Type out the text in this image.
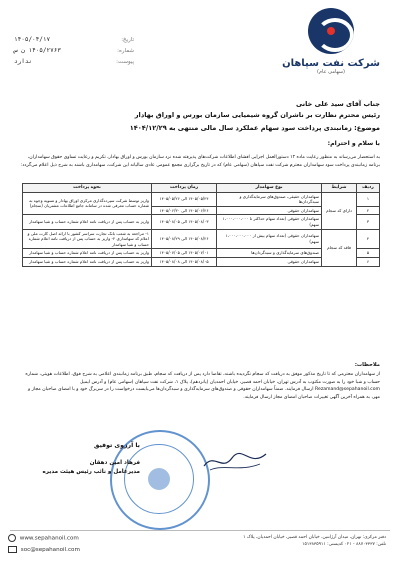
شرکت نفت سپاهان
(سهامی عام)
تاریخ:
۱۴۰۵/۰۴/۱۷
شماره:
۱۴۰۵/۲۷۶۳ ن س
پیوست:
ندارد
جناب آقای سید علی خانی
رئیس محترم نظارت بر ناشران گروه شیمیایی سازمان بورس و اوراق بهادار
موضوع: زمانبندی پرداخت سود سهام عملکرد سال مالی منتهی به ۱۴۰۴/۱۲/۲۹
با سلام و احترام:
به استحضار می‌رساند به منظور رعایت ماده ۱۲ دستورالعمل اجرایی افشای اطلاعات شرکت‌های پذیرفته شده نزد سازمان بورس و اوراق بهادار، تکریم و رعایت تساوی حقوق سهامداران، برنامه زمانبندی پرداخت سود سهامداران محترم شرکت نفت سپاهان (سهامی عام) که در تاریخ برگزاری مجمع عمومی عادی سالیانه این شرکت، سهامداری باشند به شرح ذیل اعلام می‌گردد:
ردیف	شرایط	نوع سهامدار	زمان پرداخت	نحوه پرداخت
۱	دارای کد سجام	سهامداران حقیقی، صندوق‌های سرمایه‌گذاری و سبدگردان‌ها	۱۴۰۵/۰۵/۲۴ الی ۱۴۰۵/۰۵/۲۶	واریز توسط شرکت سپرده‌گذاری مرکزی اوراق بهادار و تسویه وجوه به شماره حساب معرفی شده در سامانه جامع اطلاعات مشتریان (سجام)
۲		سهامداران حقوقی	۱۴۰۵/۰۶/۲۶ الی ۱۴۰۵/۰۶/۳۰	
۳		سهامداران حقوقی (تعداد سهام حداکثر تا ۱،۰۰۰،۰۰۰،۰۰۰ سهم)	۱۴۰۵/۰۸/۰۳ الی ۱۴۰۵/۰۸/۰۵	واریز به حساب پس از دریافت نامه اعلام شماره حساب و شبا سهامدار
۴	فاقد کد سجام	سهامداران حقوقی (تعداد سهام بیش از ۱،۰۰۰،۰۰۰،۰۰۰ سهم)	۱۴۰۵/۰۸/۲۶ الی ۱۴۰۵/۰۸/۲۹	۱- مراجعه به شعب بانک تجارت سراسر کشور با ارائه اصل کارت ملی و اعلام کد سهامداری ۲- واریز به حساب پس از دریافت نامه اعلام شماره حساب و شبا سهامدار
۵		صندوق‌های سرمایه‌گذاری و سبدگردان‌ها	۱۴۰۵/۰۷/۰۱ الی ۱۴۰۵/۰۷/۰۵	واریز به حساب پس از دریافت نامه اعلام شماره حساب و شبا سهامدار
۶		سهامداران حقوقی	۱۴۰۵/۰۸/۰۵ الی ۱۴۰۵/۰۸/۰۸	واریز به حساب پس از دریافت نامه اعلام شماره حساب و شبا سهامدار
ملاحظات:
از سهامداران محترمی که تا تاریخ مذکور موفق به دریافت کد سجام نگردیده باشند، تقاضا دارد پس از دریافت کد سجام، طبق برنامه زمانبندی اعلامی به شرح فوق، اطلاعات هویتی، شماره حساب و شبا خود را به صورت مکتوب به آدرس تهران، خیابان احمد قصیر، خیابان احمدیان (پانزدهم)، پلاک ۱، شرکت نفت سپاهان (سهامی عام) و آدرس ایمیل Rezamand@sepahanoil.com ارسال فرمایند. ضمناً سهامداران حقوقی و صندوق‌های سرمایه‌گذاری و سبدگردان‌ها می‌بایست درخواست را در سربرگ خود و با امضای صاحبان مجاز و مهر، به همراه آخرین آگهی تغییرات صاحبان امضای مجاز ارسال فرمایند.
با آرزوی توفیق
فرهاد امین دهقان
مدیرعامل و نائب رئیس هیئت مدیره
دفتر مرکزی: تهران، میدان آرژانتین، خیابان احمد قصیر، خیابان احمدیان، پلاک ۱
تلفن: ۸۸۷۰۳۳۳۷ - ۰۲۱ کدپستی: ۱۵۱۳۸۳۵۹۱۱
www.sepahanoil.com
soc@sepahanoil.com
